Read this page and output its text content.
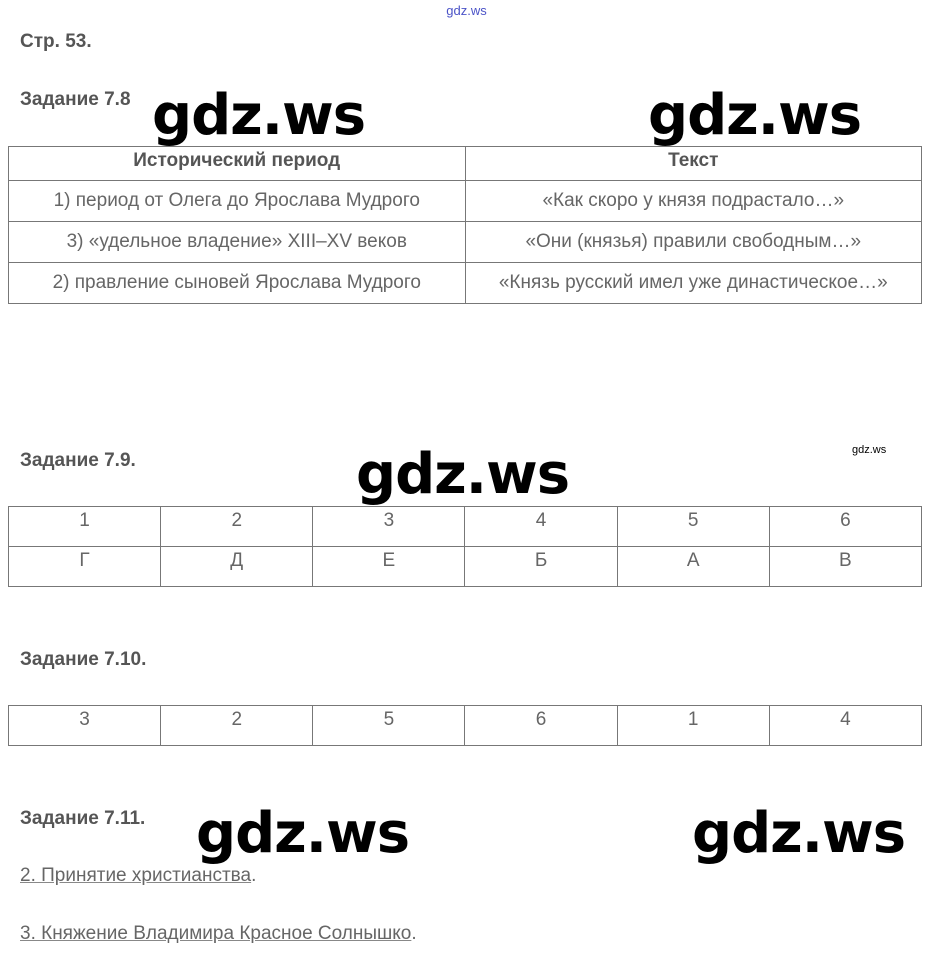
gdz.ws
Стр. 53.
Задание 7.8
Исторический период	Текст
1) период от Олега до Ярослава Мудрого	«Как скоро у князя подрастало…»
3) «удельное владение» XIII–XV веков	«Они (князья) правили свободным…»
2) правление сыновей Ярослава Мудрого	«Князь русский имел уже династическое…»
Задание 7.9.
1	2	3	4	5	6
Г	Д	Е	Б	А	В
Задание 7.10.
3	2	5	6	1	4
Задание 7.11.
2. Принятие христианства.
3. Княжение Владимира Красное Солнышко.
gdz.ws	gdz.ws
gdz.ws	gdz.ws
gdz.ws	gdz.ws
